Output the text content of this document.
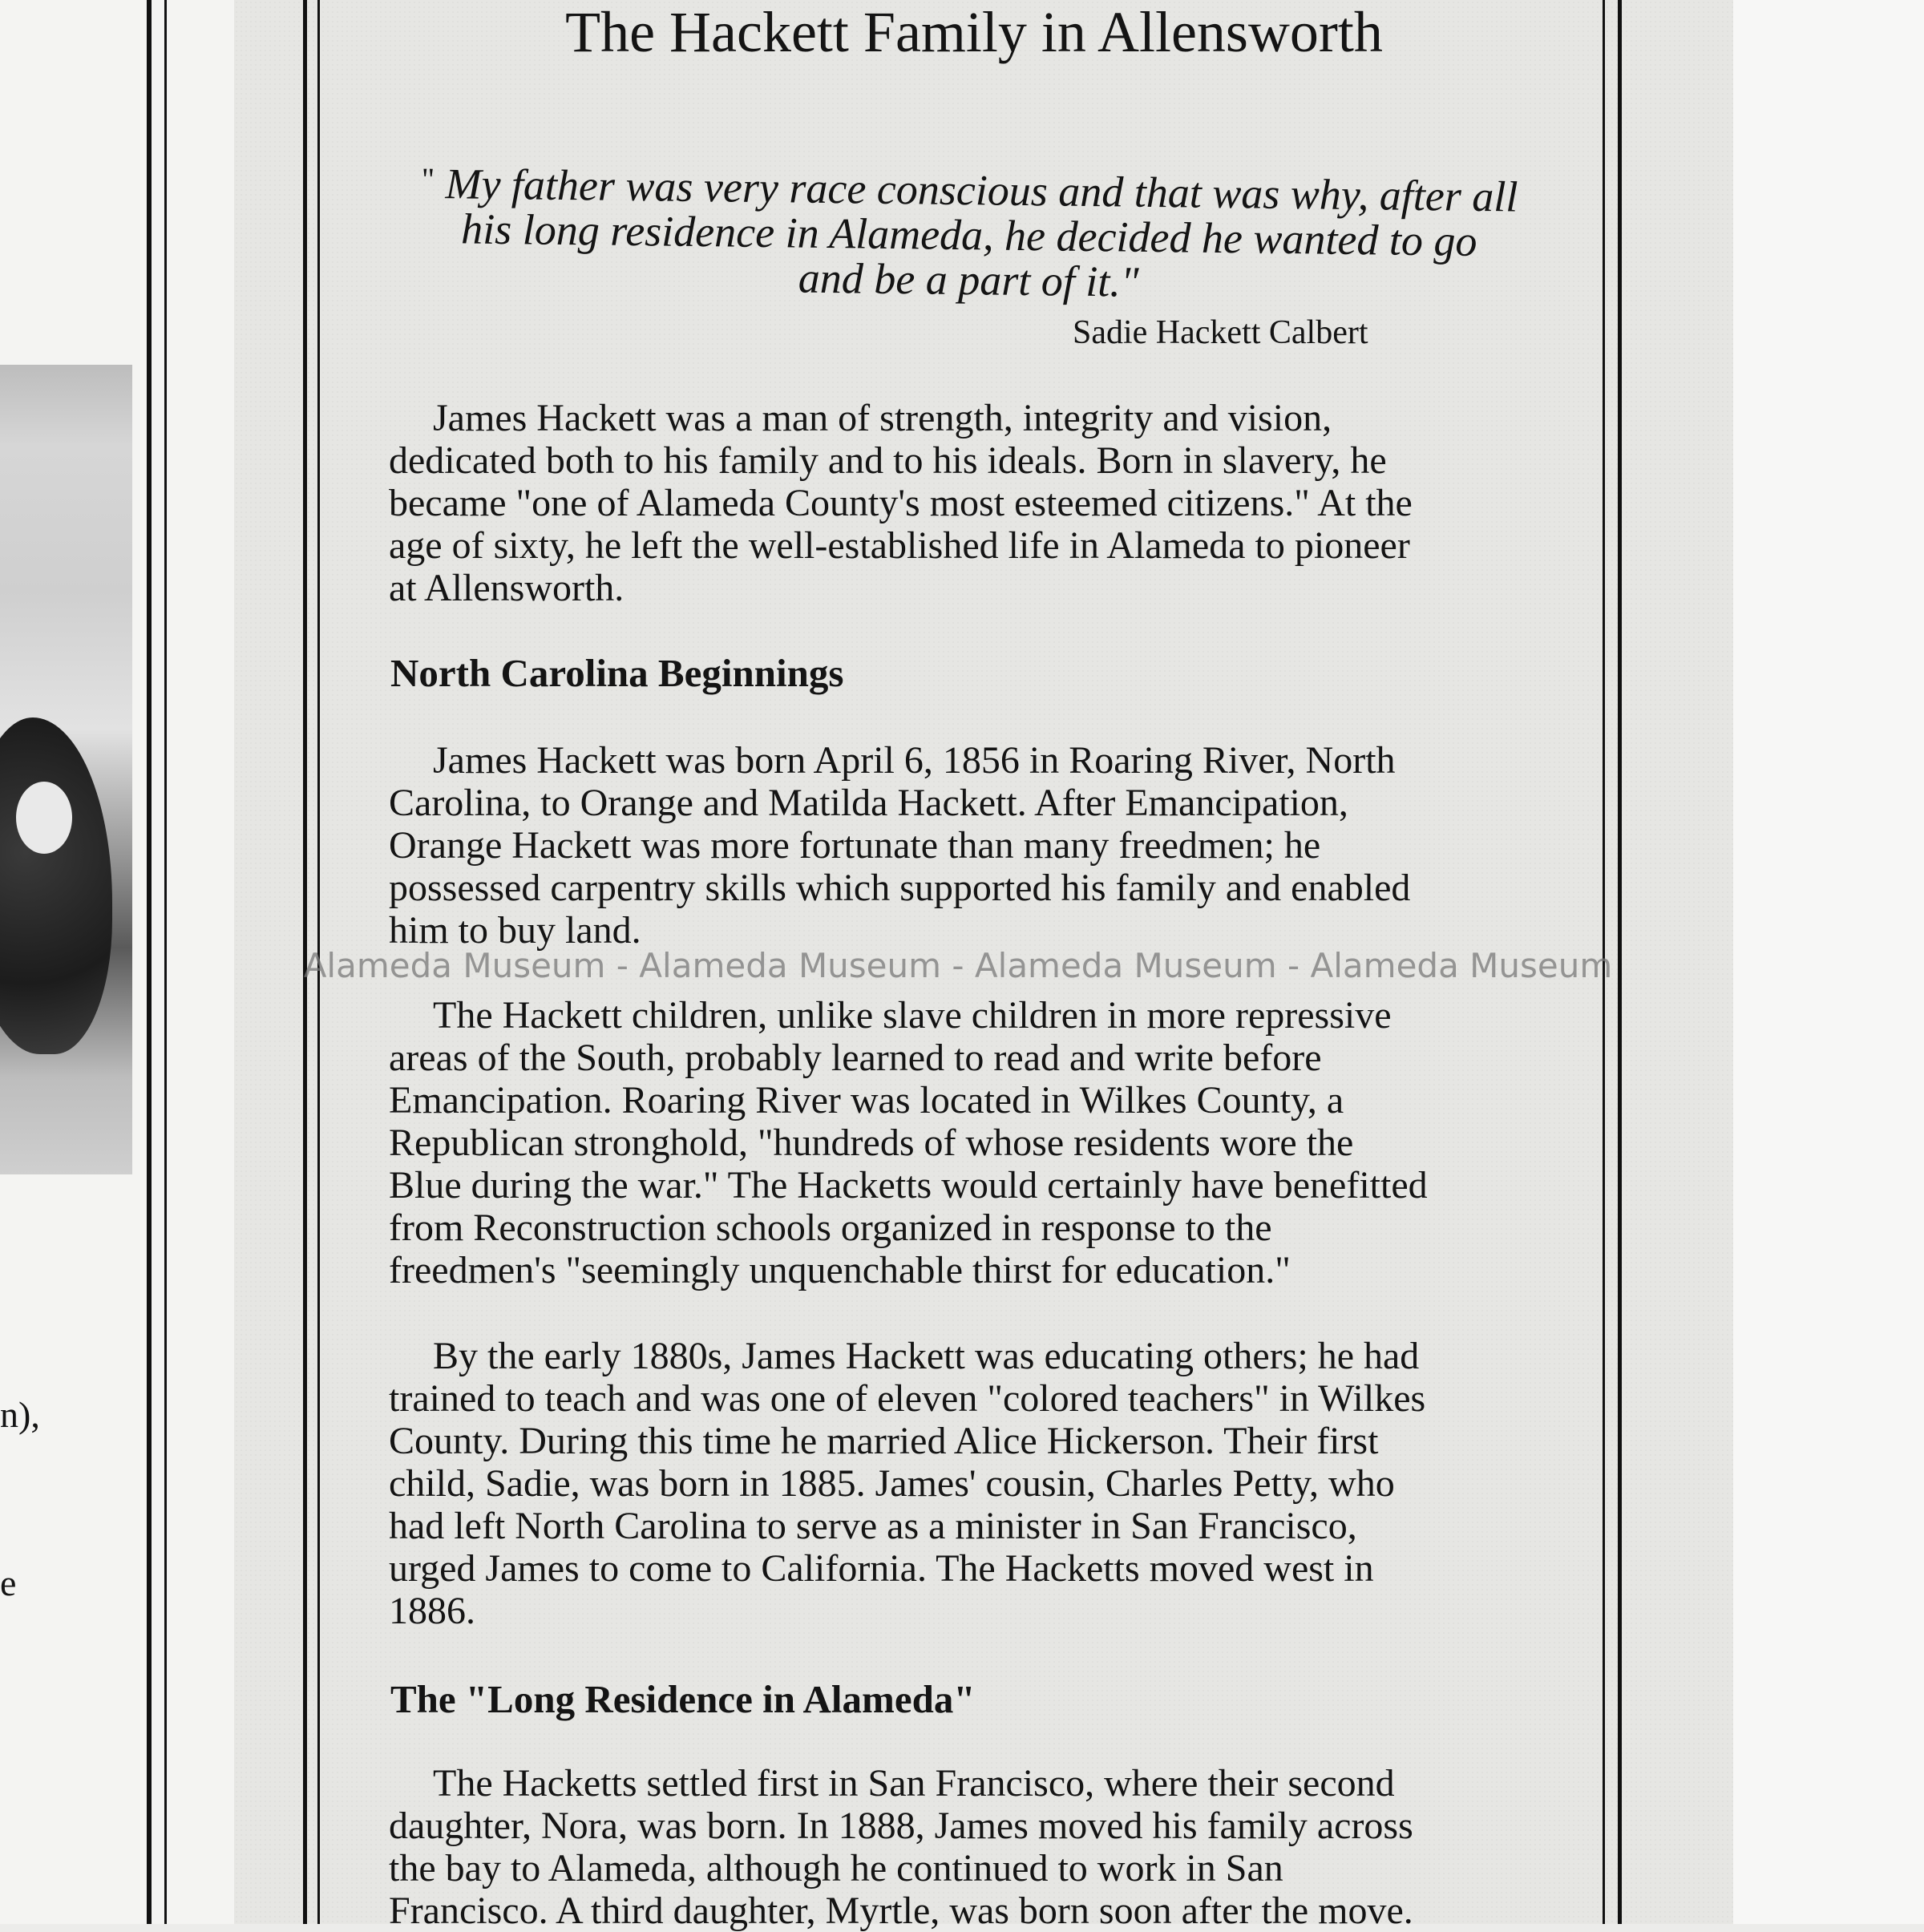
n),
e
The Hackett Family in Allensworth
" My father was very race conscious and that was why, after all
his long residence in Alameda, he decided he wanted to go
and be a part of it."
Sadie Hackett Calbert
James Hackett was a man of strength, integrity and vision,
dedicated both to his family and to his ideals. Born in slavery, he
became "one of Alameda County's most esteemed citizens." At the
age of sixty, he left the well-established life in Alameda to pioneer
at Allensworth.
North Carolina Beginnings
James Hackett was born April 6, 1856 in Roaring River, North
Carolina, to Orange and Matilda Hackett. After Emancipation,
Orange Hackett was more fortunate than many freedmen; he
possessed carpentry skills which supported his family and enabled
him to buy land.
Alameda Museum - Alameda Museum - Alameda Museum - Alameda Museum
The Hackett children, unlike slave children in more repressive
areas of the South, probably learned to read and write before
Emancipation. Roaring River was located in Wilkes County, a
Republican stronghold, "hundreds of whose residents wore the
Blue during the war." The Hacketts would certainly have benefitted
from Reconstruction schools organized in response to the
freedmen's "seemingly unquenchable thirst for education."
By the early 1880s, James Hackett was educating others; he had
trained to teach and was one of eleven "colored teachers" in Wilkes
County. During this time he married Alice Hickerson. Their first
child, Sadie, was born in 1885. James' cousin, Charles Petty, who
had left North Carolina to serve as a minister in San Francisco,
urged James to come to California. The Hacketts moved west in
1886.
The "Long Residence in Alameda"
The Hacketts settled first in San Francisco, where their second
daughter, Nora, was born. In 1888, James moved his family across
the bay to Alameda, although he continued to work in San
Francisco. A third daughter, Myrtle, was born soon after the move.
